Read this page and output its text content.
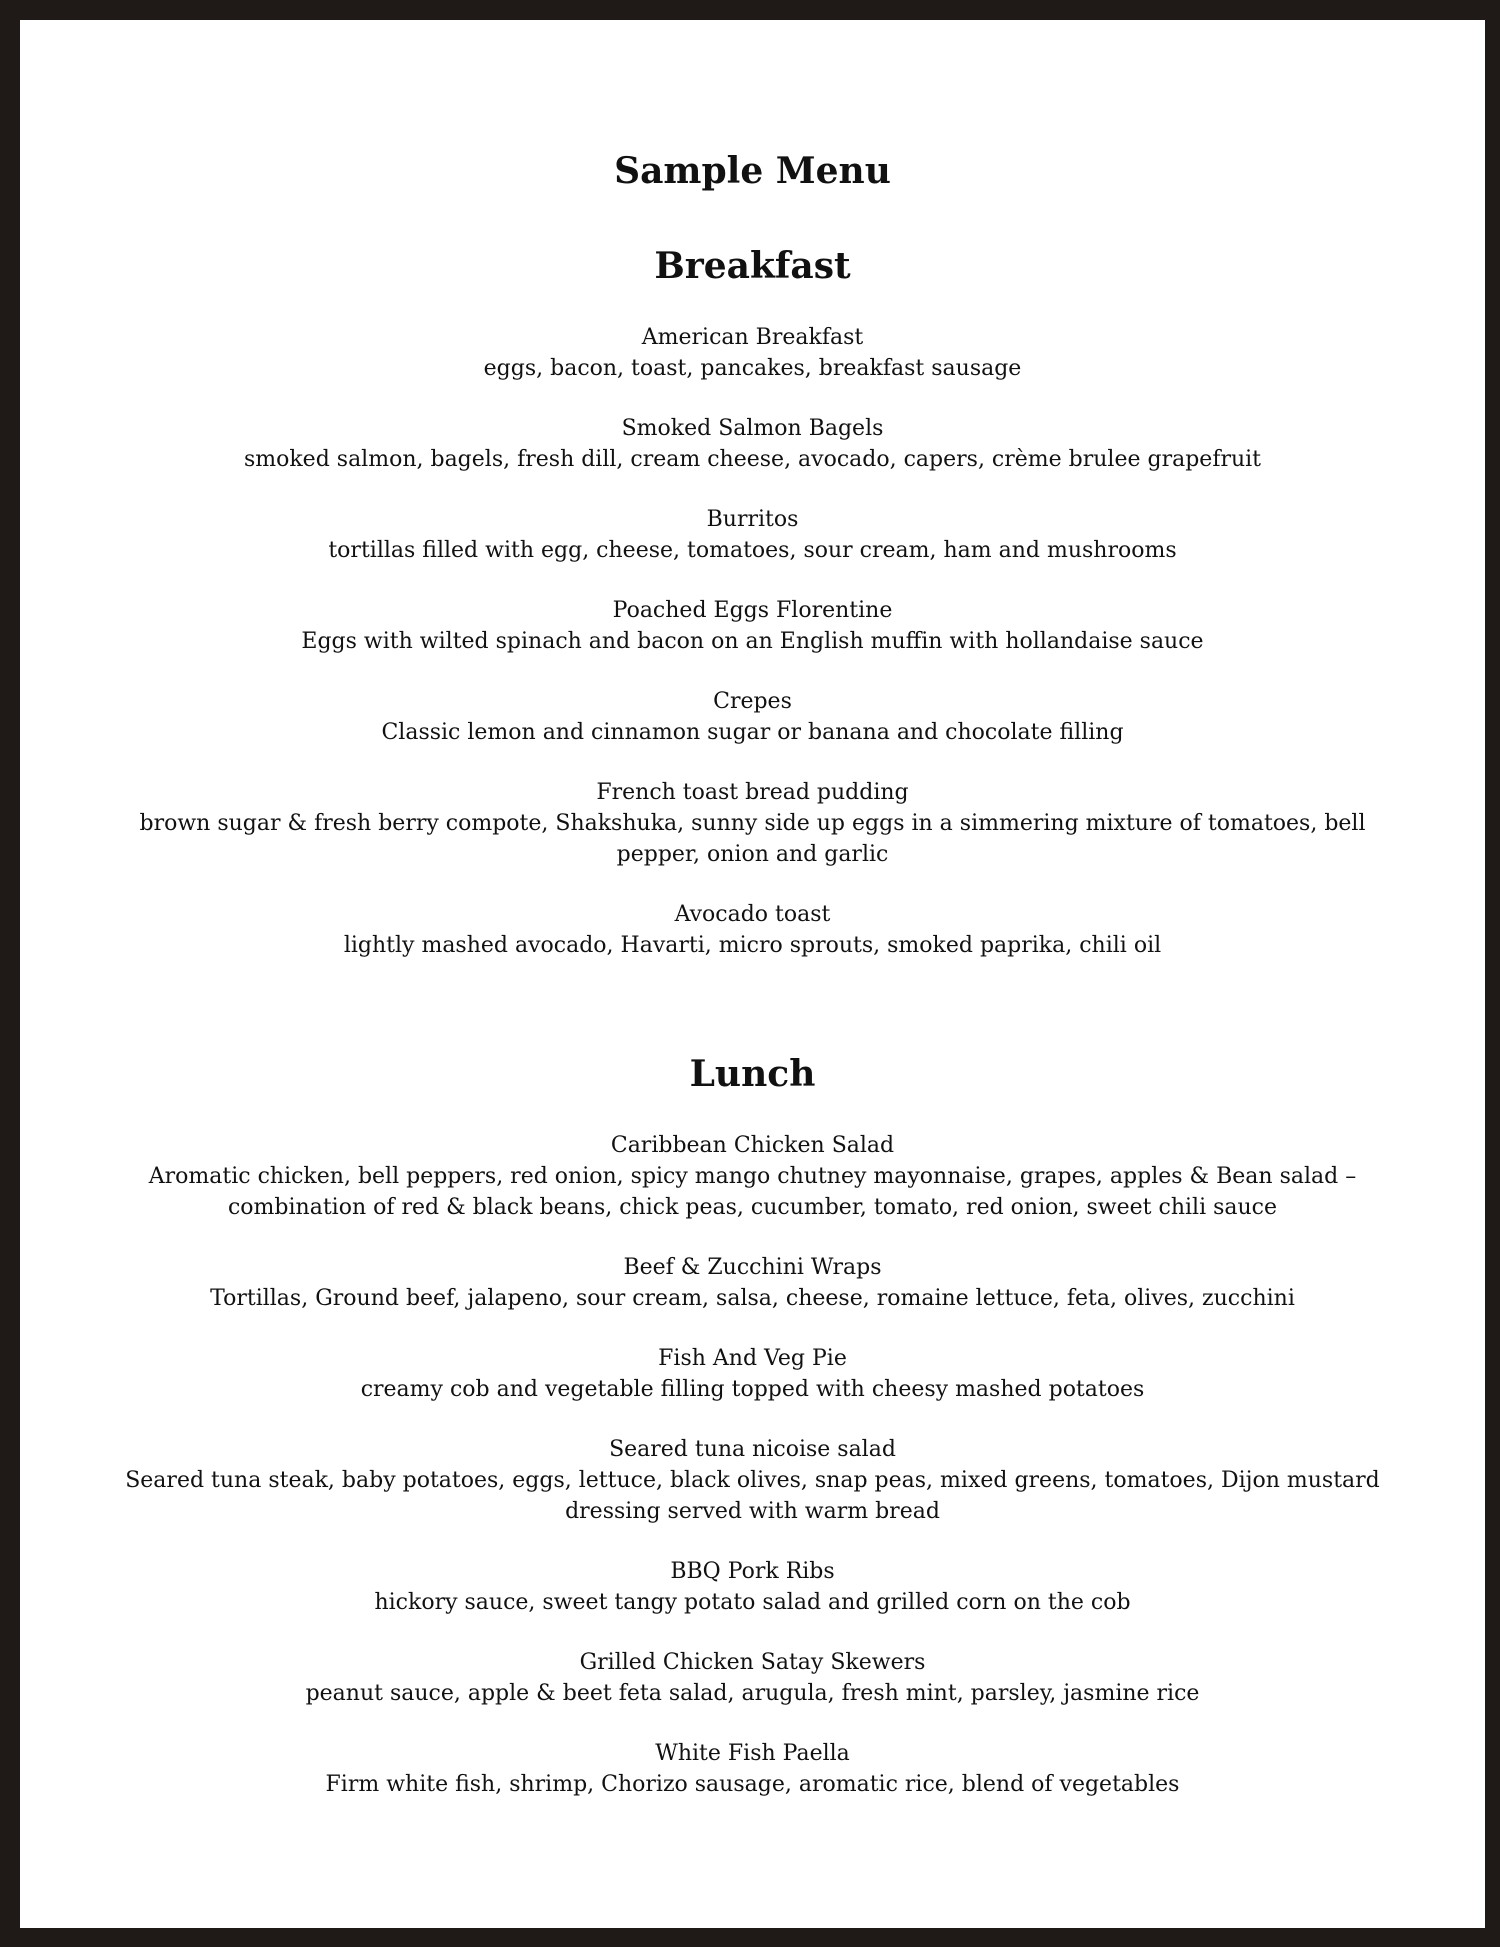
Sample Menu
Breakfast
American Breakfast
eggs, bacon, toast, pancakes, breakfast sausage
Smoked Salmon Bagels
smoked salmon, bagels, fresh dill, cream cheese, avocado, capers, crème brulee grapefruit
Burritos
tortillas filled with egg, cheese, tomatoes, sour cream, ham and mushrooms
Poached Eggs Florentine
Eggs with wilted spinach and bacon on an English muffin with hollandaise sauce
Crepes
Classic lemon and cinnamon sugar or banana and chocolate filling
French toast bread pudding
brown sugar & fresh berry compote, Shakshuka, sunny side up eggs in a simmering mixture of tomatoes, bell pepper, onion and garlic
Avocado toast
lightly mashed avocado, Havarti, micro sprouts, smoked paprika, chili oil
Lunch
Caribbean Chicken Salad
Aromatic chicken, bell peppers, red onion, spicy mango chutney mayonnaise, grapes, apples & Bean salad – combination of red & black beans, chick peas, cucumber, tomato, red onion, sweet chili sauce
Beef & Zucchini Wraps
Tortillas, Ground beef, jalapeno, sour cream, salsa, cheese, romaine lettuce, feta, olives, zucchini
Fish And Veg Pie
creamy cob and vegetable filling topped with cheesy mashed potatoes
Seared tuna nicoise salad
Seared tuna steak, baby potatoes, eggs, lettuce, black olives, snap peas, mixed greens, tomatoes, Dijon mustard dressing served with warm bread
BBQ Pork Ribs
hickory sauce, sweet tangy potato salad and grilled corn on the cob
Grilled Chicken Satay Skewers
peanut sauce, apple & beet feta salad, arugula, fresh mint, parsley, jasmine rice
White Fish Paella
Firm white fish, shrimp, Chorizo sausage, aromatic rice, blend of vegetables
